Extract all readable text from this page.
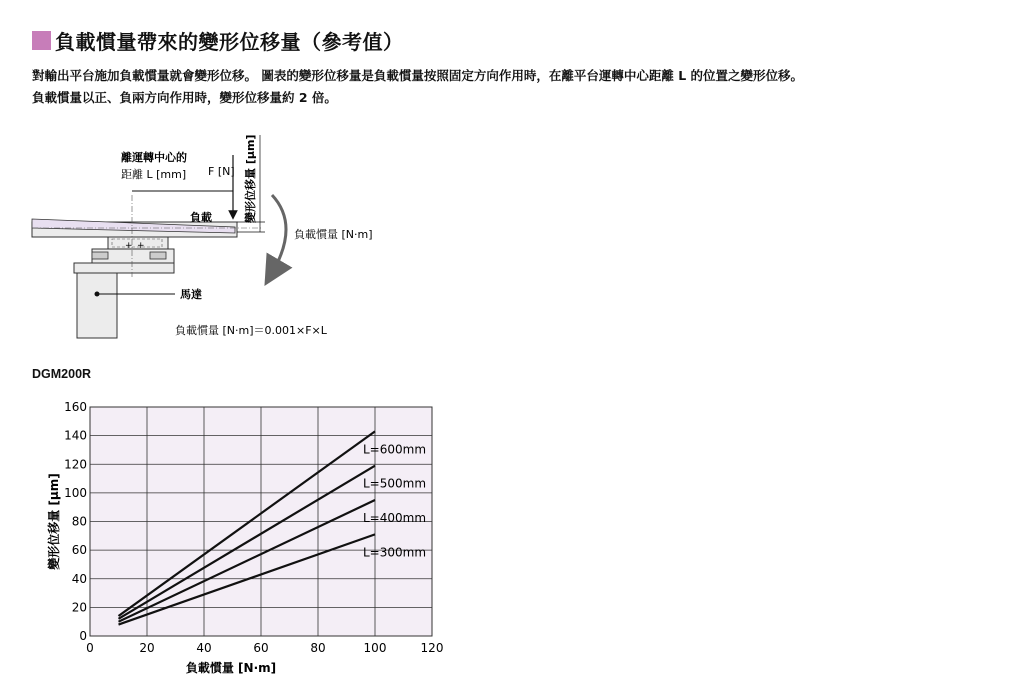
負載慣量帶來的變形位移量（參考值）

對輸出平台施加負載慣量就會變形位移。 圖表的變形位移量是負載慣量按照固定方向作用時，在離平台運轉中心距離 L 的位置之變形位移。

負載慣量以正、負兩方向作用時，變形位移量約 2 倍。

馬達
+ +
離運轉中心的
距離 L [mm] F [N]
負載	變形位移量 [μm]
負載慣量 [N·m]
負載慣量 [N·m]＝0.001×F×L
DGM200R
0	20	40	60	80	100	120
0
20
40
60
80
100
120
140
160
負載慣量 [N·m]
變形位移量 [μm]
L=600mm
L=500mm
L=400mm
L=300mm
